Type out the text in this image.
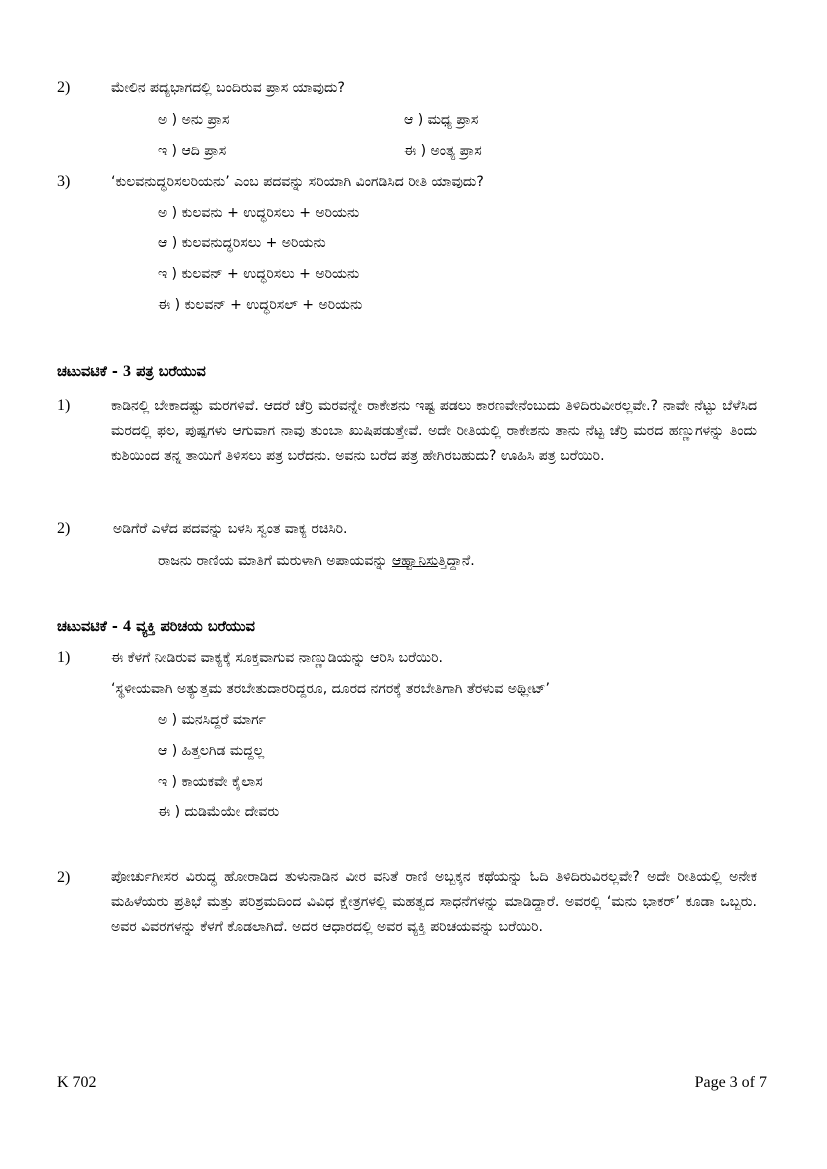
2)	ಮೇಲಿನ ಪದ್ಯಭಾಗದಲ್ಲಿ ಬಂದಿರುವ ಪ್ರಾಸ ಯಾವುದು?
ಅ ) ಅನು ಪ್ರಾಸ	ಆ ) ಮಧ್ಯ ಪ್ರಾಸ
ಇ ) ಆದಿ ಪ್ರಾಸ	ಈ ) ಅಂತ್ಯ ಪ್ರಾಸ
3)	‘ಕುಲವನುದ್ಧರಿಸಲರಿಯನು’ ಎಂಬ ಪದವನ್ನು ಸರಿಯಾಗಿ ವಿಂಗಡಿಸಿದ ರೀತಿ ಯಾವುದು?
ಅ ) ಕುಲವನು + ಉದ್ಧರಿಸಲು + ಅರಿಯನು
ಆ ) ಕುಲವನುದ್ಧರಿಸಲು + ಅರಿಯನು
ಇ ) ಕುಲವನ್ + ಉದ್ಧರಿಸಲು + ಅರಿಯನು
ಈ ) ಕುಲವನ್ + ಉದ್ಧರಿಸಲ್ + ಅರಿಯನು
ಚಟುವಟಿಕೆ - 3 ಪತ್ರ ಬರೆಯುವ
1)	ಕಾಡಿನಲ್ಲಿ ಬೇಕಾದಷ್ಟು ಮರಗಳಿವೆ. ಆದರೆ ಚೆರ್ರಿ ಮರವನ್ನೇ ರಾಕೇಶನು ಇಷ್ಟ ಪಡಲು ಕಾರಣವೇನೆಂಬುದು ತಿಳಿದಿರುವೀರಲ್ಲವೇ.? ನಾವೇ ನೆಟ್ಟು ಬೆಳೆಸಿದ ಮರದಲ್ಲಿ ಫಲ, ಪುಷ್ಪಗಳು ಆಗುವಾಗ ನಾವು ತುಂಬಾ ಖುಷಿಪಡುತ್ತೇವೆ. ಅದೇ ರೀತಿಯಲ್ಲಿ ರಾಕೇಶನು ತಾನು ನೆಟ್ಟ ಚೆರ್ರಿ ಮರದ ಹಣ್ಣುಗಳನ್ನು ತಿಂದು ಕುಶಿಯಿಂದ ತನ್ನ ತಾಯಿಗೆ ತಿಳಿಸಲು ಪತ್ರ ಬರೆದನು. ಅವನು ಬರೆದ ಪತ್ರ ಹೇಗಿರಬಹುದು? ಊಹಿಸಿ ಪತ್ರ ಬರೆಯಿರಿ.
2)	ಅಡಿಗೆರೆ ಎಳೆದ ಪದವನ್ನು ಬಳಸಿ ಸ್ವಂತ ವಾಕ್ಯ ರಚಿಸಿರಿ.
ರಾಜನು ರಾಣಿಯ ಮಾತಿಗೆ ಮರುಳಾಗಿ ಅಪಾಯವನ್ನು ಆಹ್ವಾನಿಸುತ್ತಿದ್ದಾನೆ.
ಚಟುವಟಿಕೆ - 4 ವ್ಯಕ್ತಿ ಪರಿಚಯ ಬರೆಯುವ
1)	ಈ ಕೆಳಗೆ ನೀಡಿರುವ ವಾಕ್ಯಕ್ಕೆ ಸೂಕ್ತವಾಗುವ ನಾಣ್ಣುಡಿಯನ್ನು ಆರಿಸಿ ಬರೆಯಿರಿ.
‘ಸ್ಥಳೀಯವಾಗಿ ಅತ್ಯುತ್ತಮ ತರಬೇತುದಾರರಿದ್ದರೂ, ದೂರದ ನಗರಕ್ಕೆ ತರಬೇತಿಗಾಗಿ ತೆರಳುವ ಅಥ್ಲೀಟ್’
ಅ ) ಮನಸಿದ್ದರೆ ಮಾರ್ಗ
ಆ ) ಹಿತ್ತಲಗಿಡ ಮದ್ದಲ್ಲ
ಇ ) ಕಾಯಕವೇ ಕೈಲಾಸ
ಈ ) ದುಡಿಮೆಯೇ ದೇವರು
2)	ಪೋರ್ಚುಗೀಸರ ವಿರುದ್ಧ ಹೋರಾಡಿದ ತುಳುನಾಡಿನ ವೀರ ವನಿತೆ ರಾಣಿ ಅಬ್ಬಕ್ಕನ ಕಥೆಯನ್ನು ಓದಿ ತಿಳಿದಿರುವಿರಲ್ಲವೇ? ಅದೇ ರೀತಿಯಲ್ಲಿ ಅನೇಕ ಮಹಿಳೆಯರು ಪ್ರತಿಭೆ ಮತ್ತು ಪರಿಶ್ರಮದಿಂದ ವಿವಿಧ ಕ್ಷೇತ್ರಗಳಲ್ಲಿ ಮಹತ್ವದ ಸಾಧನೆಗಳನ್ನು ಮಾಡಿದ್ದಾರೆ. ಅವರಲ್ಲಿ ‘ಮನು ಭಾಕರ್’ ಕೂಡಾ ಒಬ್ಬರು. ಅವರ ವಿವರಗಳನ್ನು ಕೆಳಗೆ ಕೊಡಲಾಗಿದೆ. ಅದರ ಆಧಾರದಲ್ಲಿ ಅವರ ವ್ಯಕ್ತಿ ಪರಿಚಯವನ್ನು ಬರೆಯಿರಿ.
K 702	Page 3 of 7
